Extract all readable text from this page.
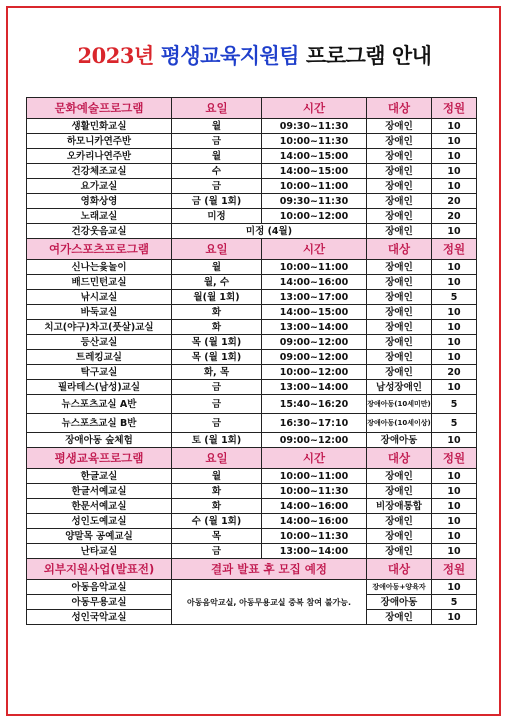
2023년 평생교육지원팀 프로그램 안내
문화예술프로그램	요일	시간	대상	정원
생활민화교실	월	09:30~11:30	장애인	10
하모니카연주반	금	10:00~11:30	장애인	10
오카리나연주반	월	14:00~15:00	장애인	10
건강체조교실	수	14:00~15:00	장애인	10
요가교실	금	10:00~11:00	장애인	10
영화상영	금 (월 1회)	09:30~11:30	장애인	20
노래교실	미정	10:00~12:00	장애인	20
건강웃음교실	미정 (4월)		장애인	10
여가스포츠프로그램	요일	시간	대상	정원
신나는윷놀이	월	10:00~11:00	장애인	10
배드민턴교실	월, 수	14:00~16:00	장애인	10
낚시교실	월(월 1회)	13:00~17:00	장애인	5
바둑교실	화	14:00~15:00	장애인	10
치고(야구)차고(풋살)교실	화	13:00~14:00	장애인	10
등산교실	목 (월 1회)	09:00~12:00	장애인	10
트레킹교실	목 (월 1회)	09:00~12:00	장애인	10
탁구교실	화, 목	10:00~12:00	장애인	20
필라테스(남성)교실	금	13:00~14:00	남성장애인	10
뉴스포츠교실 A반	금	15:40~16:20	장애아동(10세미만)	5
뉴스포츠교실 B반	금	16:30~17:10	장애아동(10세이상)	5
장애아동 숲체험	토 (월 1회)	09:00~12:00	장애아동	10
평생교육프로그램	요일	시간	대상	정원
한글교실	월	10:00~11:00	장애인	10
한글서예교실	화	10:00~11:30	장애인	10
한문서예교실	화	14:00~16:00	비장애통합	10
성인도예교실	수 (월 1회)	14:00~16:00	장애인	10
양말목 공예교실	목	10:00~11:30	장애인	10
난타교실	금	13:00~14:00	장애인	10
외부지원사업(발표전)	결과 발표 후 모집 예정		대상	정원
아동음악교실	아동음악교실, 아동무용교실 중복 참여 불가능.		장애아동+양육자	10
아동무용교실			장애아동	5
성인국악교실			장애인	10
